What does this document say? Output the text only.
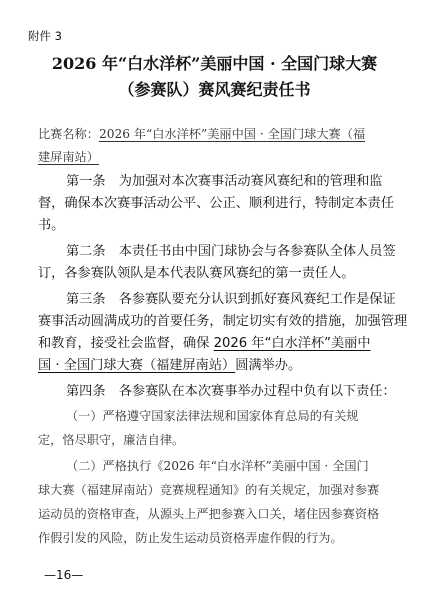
附件 3
2026 年“白水洋杯”美丽中国 · 全国门球大赛
（参赛队）赛风赛纪责任书
比赛名称：2026 年“白水洋杯”美丽中国 · 全国门球大赛（福
建屏南站）
第一条　为加强对本次赛事活动赛风赛纪和的管理和监
督，确保本次赛事活动公平、公正、顺利进行，特制定本责任
书。
第二条　本责任书由中国门球协会与各参赛队全体人员签
订，各参赛队领队是本代表队赛风赛纪的第一责任人。
第三条　各参赛队要充分认识到抓好赛风赛纪工作是保证
赛事活动圆满成功的首要任务，制定切实有效的措施，加强管理
和教育，接受社会监督，确保 2026 年“白水洋杯”美丽中
国 · 全国门球大赛（福建屏南站）圆满举办。
第四条　各参赛队在本次赛事举办过程中负有以下责任：
（一）严格遵守国家法律法规和国家体育总局的有关规
定，恪尽职守，廉洁自律。
（二）严格执行《2026 年“白水洋杯”美丽中国 · 全国门
球大赛（福建屏南站）竞赛规程通知》的有关规定，加强对参赛
运动员的资格审查，从源头上严把参赛入口关，堵住因参赛资格
作假引发的风险，防止发生运动员资格弄虚作假的行为。
—16—
